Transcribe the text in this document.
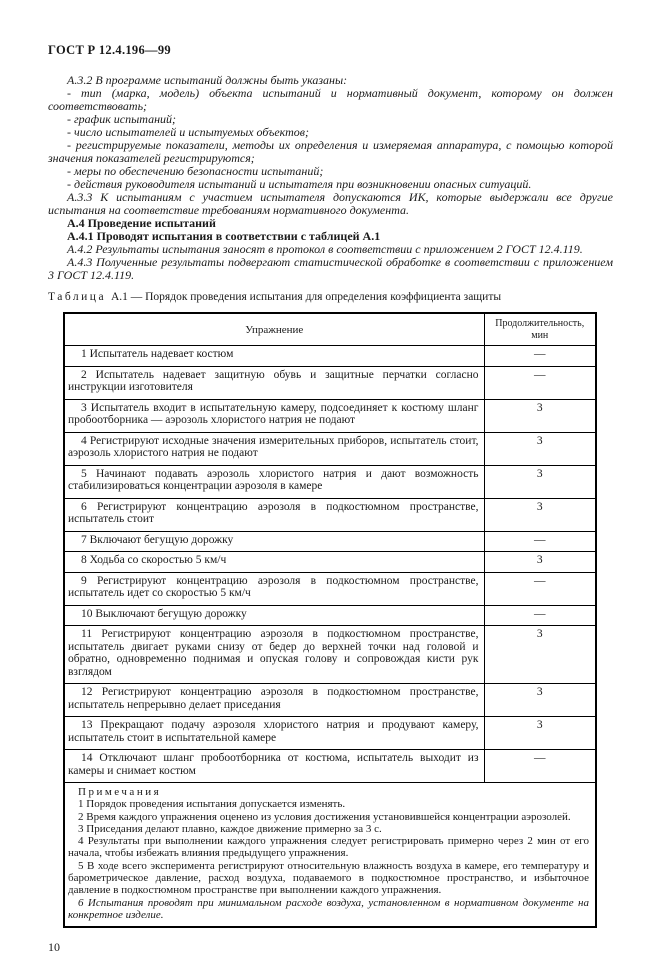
ГОСТ Р 12.4.196—99

А.3.2 В программе испытаний должны быть указаны:

- тип (марка, модель) объекта испытаний и нормативный документ, которому он должен соответствовать;

- график испытаний;

- число испытателей и испытуемых объектов;

- регистрируемые показатели, методы их определения и измеряемая аппаратура, с помощью которой значения показателей регистрируются;

- меры по обеспечению безопасности испытаний;

- действия руководителя испытаний и испытателя при возникновении опасных ситуаций.

А.3.3 К испытаниям с участием испытателя допускаются ИК, которые выдержали все другие испытания на соответствие требованиям нормативного документа.

А.4 Проведение испытаний

А.4.1 Проводят испытания в соответствии с таблицей А.1

А.4.2 Результаты испытания заносят в протокол в соответствии с приложением 2 ГОСТ 12.4.119.

А.4.3 Полученные результаты подвергают статистической обработке в соответствии с приложением 3 ГОСТ 12.4.119.

Таблица А.1 — Порядок проведения испытания для определения коэффициента защиты
Упражнение	Продолжительность, мин

1 Испытатель надевает костюм	—

2 Испытатель надевает защитную обувь и защитные перчатки согласно инструкции изготовителя	—

3 Испытатель входит в испытательную камеру, подсоединяет к костюму шланг пробоотборника — аэрозоль хлористого натрия не подают	3

4 Регистрируют исходные значения измерительных приборов, испытатель стоит, аэрозоль хлористого натрия не подают	3

5 Начинают подавать аэрозоль хлористого натрия и дают возможность стабилизироваться концентрации аэрозоля в камере	3

6 Регистрируют концентрацию аэрозоля в подкостюмном пространстве, испытатель стоит	3

7 Включают бегущую дорожку	—

8 Ходьба со скоростью 5 км/ч	3

9 Регистрируют концентрацию аэрозоля в подкостюмном пространстве, испытатель идет со скоростью 5 км/ч	—

10 Выключают бегущую дорожку	—

11 Регистрируют концентрацию аэрозоля в подкостюмном пространстве, испытатель двигает руками снизу от бедер до верхней точки над головой и обратно, одновременно поднимая и опуская голову и сопровождая кисти рук взглядом	3

12 Регистрируют концентрацию аэрозоля в подкостюмном пространстве, испытатель непрерывно делает приседания	3

13 Прекращают подачу аэрозоля хлористого натрия и продувают камеру, испытатель стоит в испытательной камере	3

14 Отключают шланг пробоотборника от костюма, испытатель выходит из камеры и снимает костюм	—

Примечания

1 Порядок проведения испытания допускается изменять.

2 Время каждого упражнения оценено из условия достижения установившейся концентрации аэрозолей.

3 Приседания делают плавно, каждое движение примерно за 3 с.

4 Результаты при выполнении каждого упражнения следует регистрировать примерно через 2 мин от его начала, чтобы избежать влияния предыдущего упражнения.

5 В ходе всего эксперимента регистрируют относительную влажность воздуха в камере, его температуру и барометрическое давление, расход воздуха, подаваемого в подкостюмное пространство, и избыточное давление в подкостюмном пространстве при выполнении каждого упражнения.

6 Испытания проводят при минимальном расходе воздуха, установленном в нормативном документе на конкретное изделие.

10
